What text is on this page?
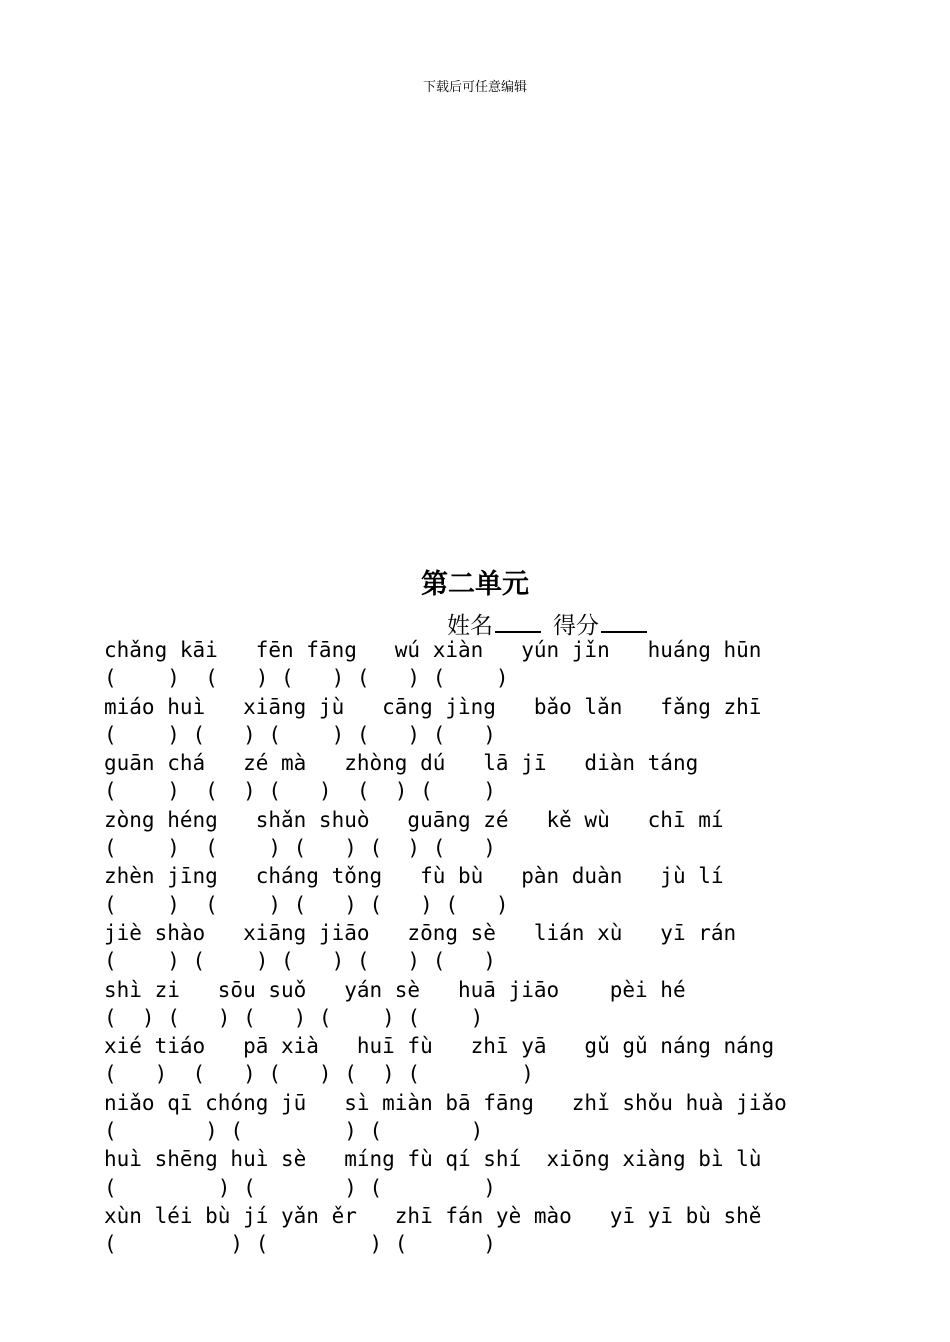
下载后可任意编辑
第二单元
姓名	得分
chǎng kāi   fēn fāng   wú xiàn   yún jǐn   huáng hūn
(    )  (   ) (   ) (   ) (    )
miáo huì   xiāng jù   cāng jìng   bǎo lǎn   fǎng zhī
(    ) (   ) (    ) (   ) (   )
guān chá   zé mà   zhòng dú   lā jī   diàn táng
(    )  (  ) (   )  (  ) (    )
zòng héng   shǎn shuò   guāng zé   kě wù   chī mí
(    )  (    ) (   ) (  ) (   )
zhèn jīng   cháng tǒng   fù bù   pàn duàn   jù lí
(    )  (    ) (   ) (   ) (   )
jiè shào   xiāng jiāo   zōng sè   lián xù   yī rán
(    ) (    ) (   ) (   ) (   )
shì zi   sōu suǒ   yán sè   huā jiāo    pèi hé
(  ) (   ) (   ) (    ) (    )
xié tiáo   pā xià   huī fù   zhī yā   gǔ gǔ náng náng
(   )  (   ) (   ) (  ) (        )
niǎo qī chóng jū   sì miàn bā fāng   zhǐ shǒu huà jiǎo
(       ) (        ) (       )
huì shēng huì sè   míng fù qí shí  xiōng xiàng bì lù
(        ) (       ) (        )
xùn léi bù jí yǎn ěr   zhī fán yè mào   yī yī bù shě
(         ) (        ) (      )
